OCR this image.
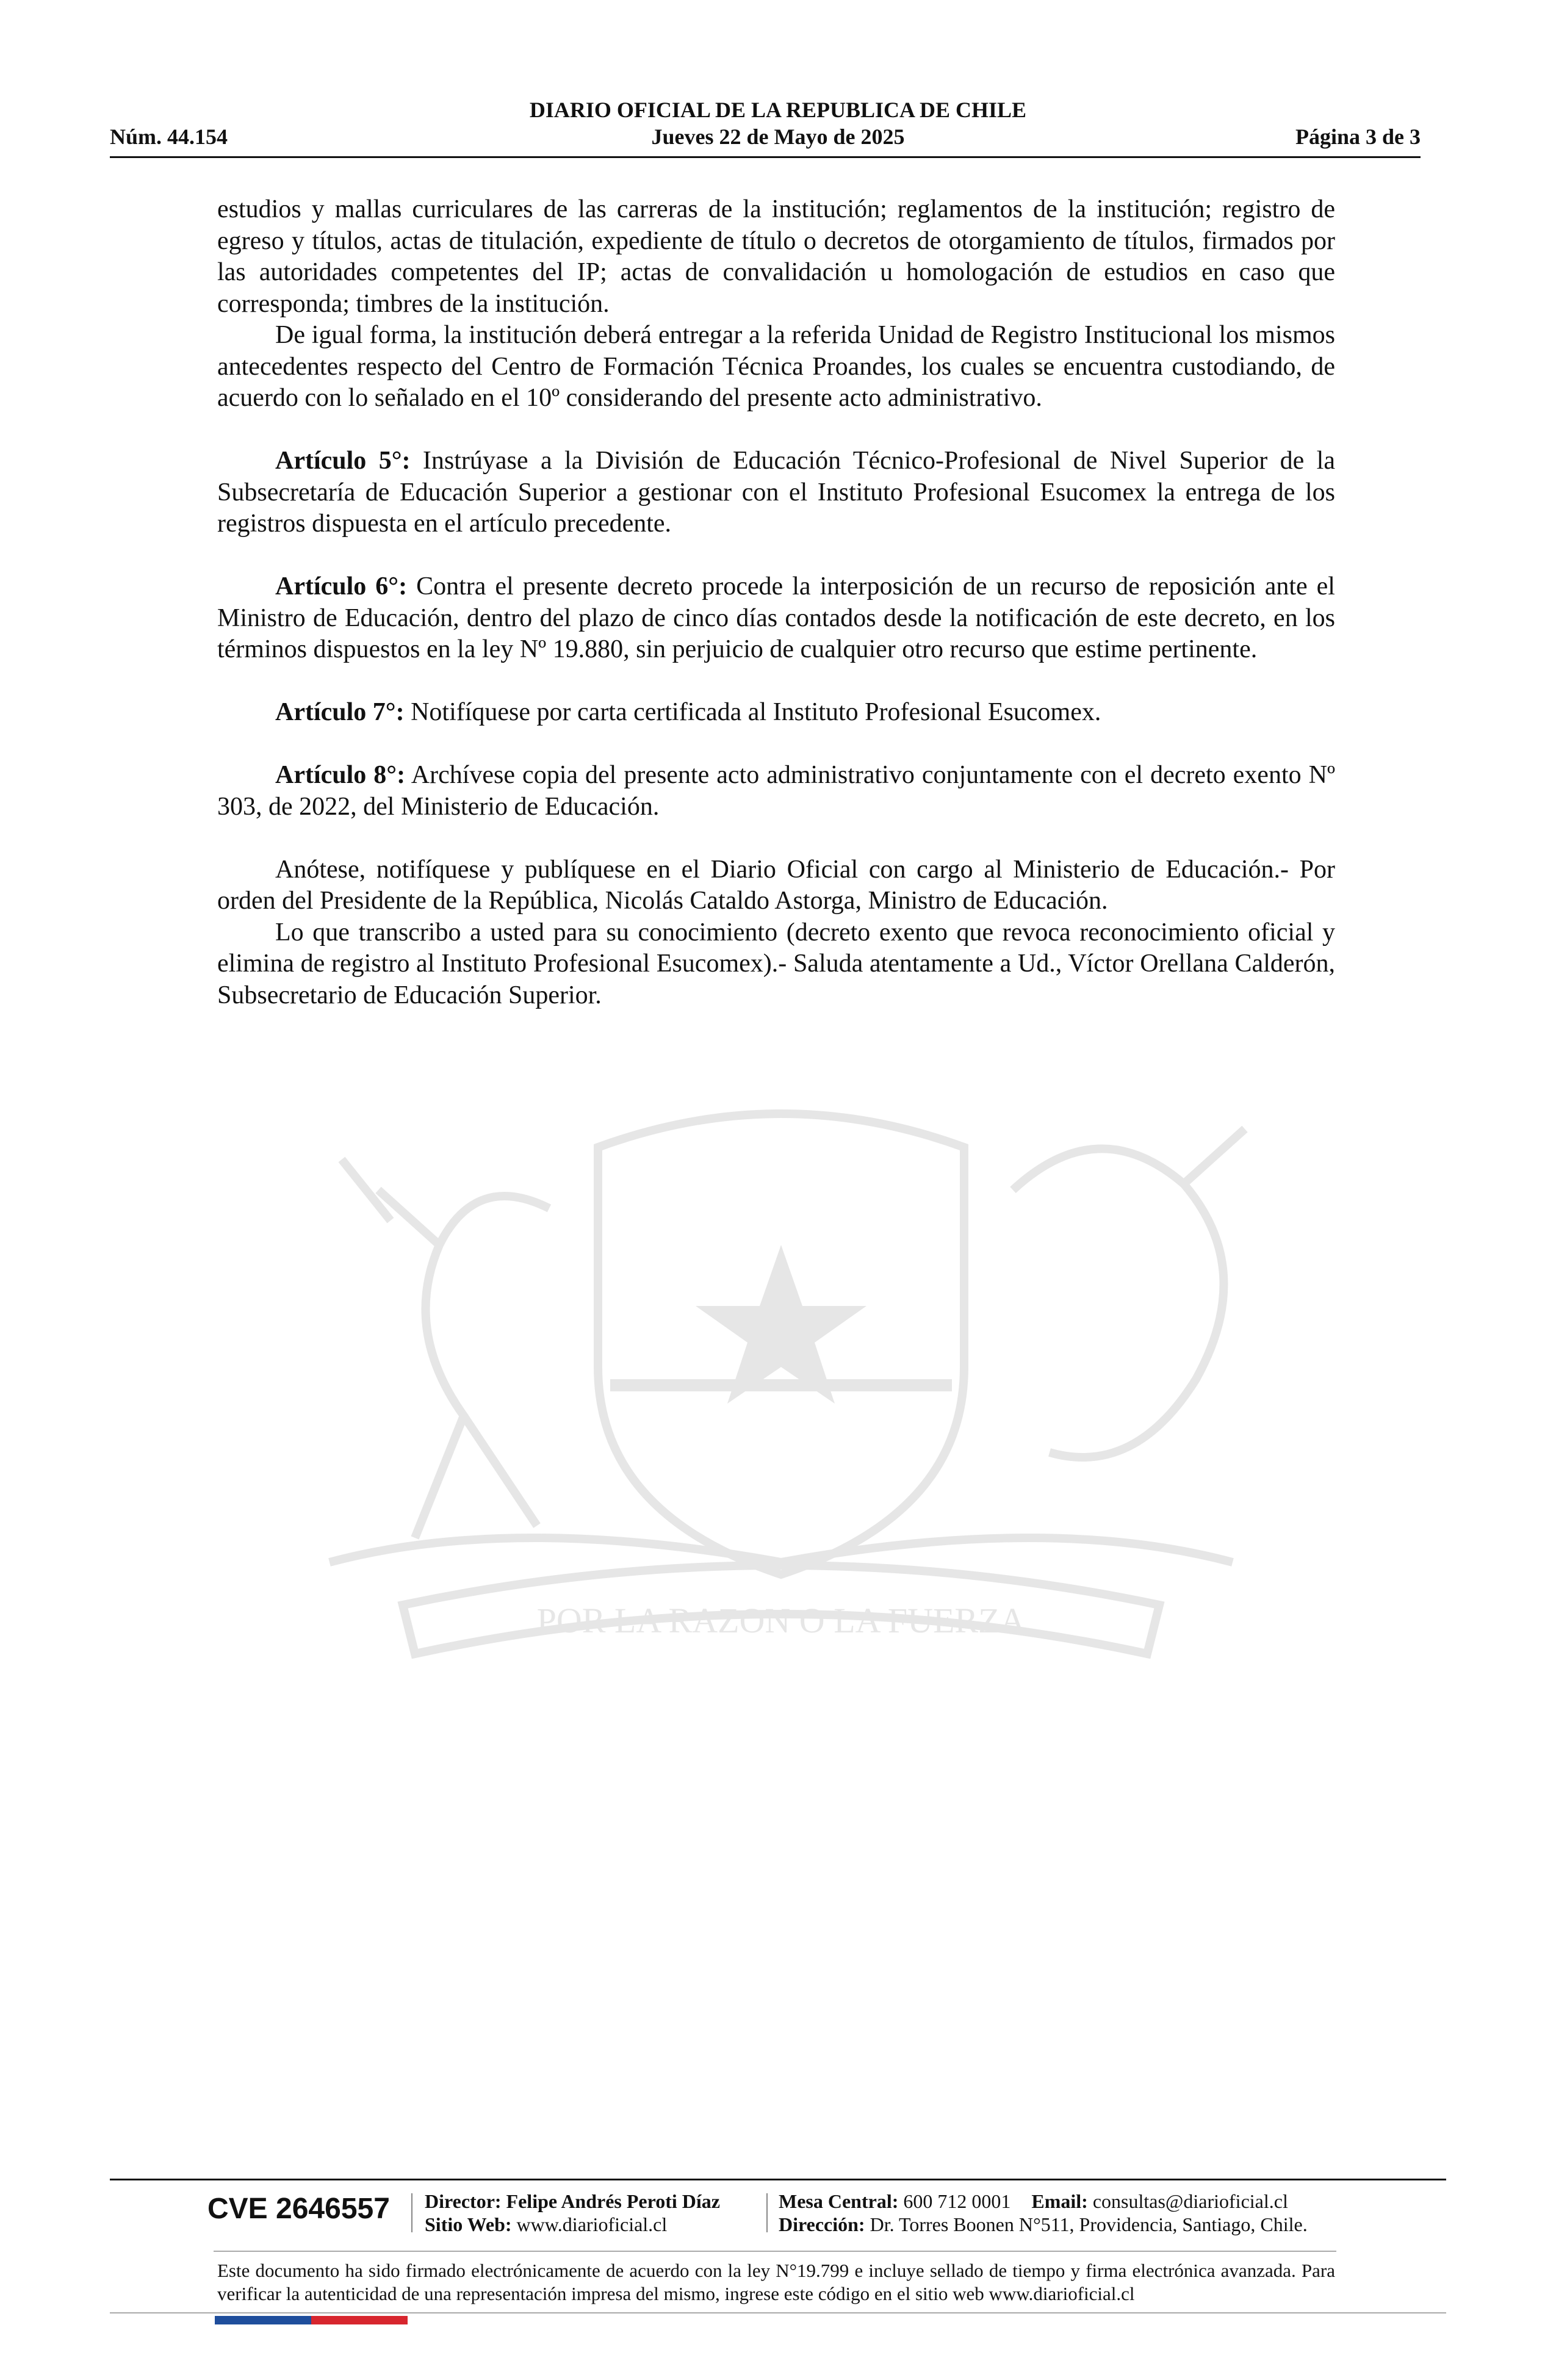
DIARIO OFICIAL DE LA REPUBLICA DE CHILE
Jueves 22 de Mayo de 2025
Núm. 44.154	Página 3 de 3
POR LA RAZON O LA FUERZA

estudios y mallas curriculares de las carreras de la institución; reglamentos de la institución; registro de egreso y títulos, actas de titulación, expediente de título o decretos de otorgamiento de títulos, firmados por las autoridades competentes del IP; actas de convalidación u homologación de estudios en caso que corresponda; timbres de la institución.

De igual forma, la institución deberá entregar a la referida Unidad de Registro Institucional los mismos antecedentes respecto del Centro de Formación Técnica Proandes, los cuales se encuentra custodiando, de acuerdo con lo señalado en el 10º considerando del presente acto administrativo.

Artículo 5°: Instrúyase a la División de Educación Técnico-Profesional de Nivel Superior de la Subsecretaría de Educación Superior a gestionar con el Instituto Profesional Esucomex la entrega de los registros dispuesta en el artículo precedente.

Artículo 6°: Contra el presente decreto procede la interposición de un recurso de reposición ante el Ministro de Educación, dentro del plazo de cinco días contados desde la notificación de este decreto, en los términos dispuestos en la ley Nº 19.880, sin perjuicio de cualquier otro recurso que estime pertinente.

Artículo 7°: Notifíquese por carta certificada al Instituto Profesional Esucomex.

Artículo 8°: Archívese copia del presente acto administrativo conjuntamente con el decreto exento Nº 303, de 2022, del Ministerio de Educación.

Anótese, notifíquese y publíquese en el Diario Oficial con cargo al Ministerio de Educación.- Por orden del Presidente de la República, Nicolás Cataldo Astorga, Ministro de Educación.

Lo que transcribo a usted para su conocimiento (decreto exento que revoca reconocimiento oficial y elimina de registro al Instituto Profesional Esucomex).- Saluda atentamente a Ud., Víctor Orellana Calderón, Subsecretario de Educación Superior.

CVE 2646557 Director: Felipe Andrés Peroti Díaz
Sitio Web: www.diarioficial.cl
Mesa Central: 600 712 0001 Email: consultas@diarioficial.cl
Dirección: Dr. Torres Boonen N°511, Providencia, Santiago, Chile.
Este documento ha sido firmado electrónicamente de acuerdo con la ley N°19.799 e incluye sellado de tiempo y firma electrónica avanzada. Para verificar la autenticidad de una representación impresa del mismo, ingrese este código en el sitio web www.diarioficial.cl
